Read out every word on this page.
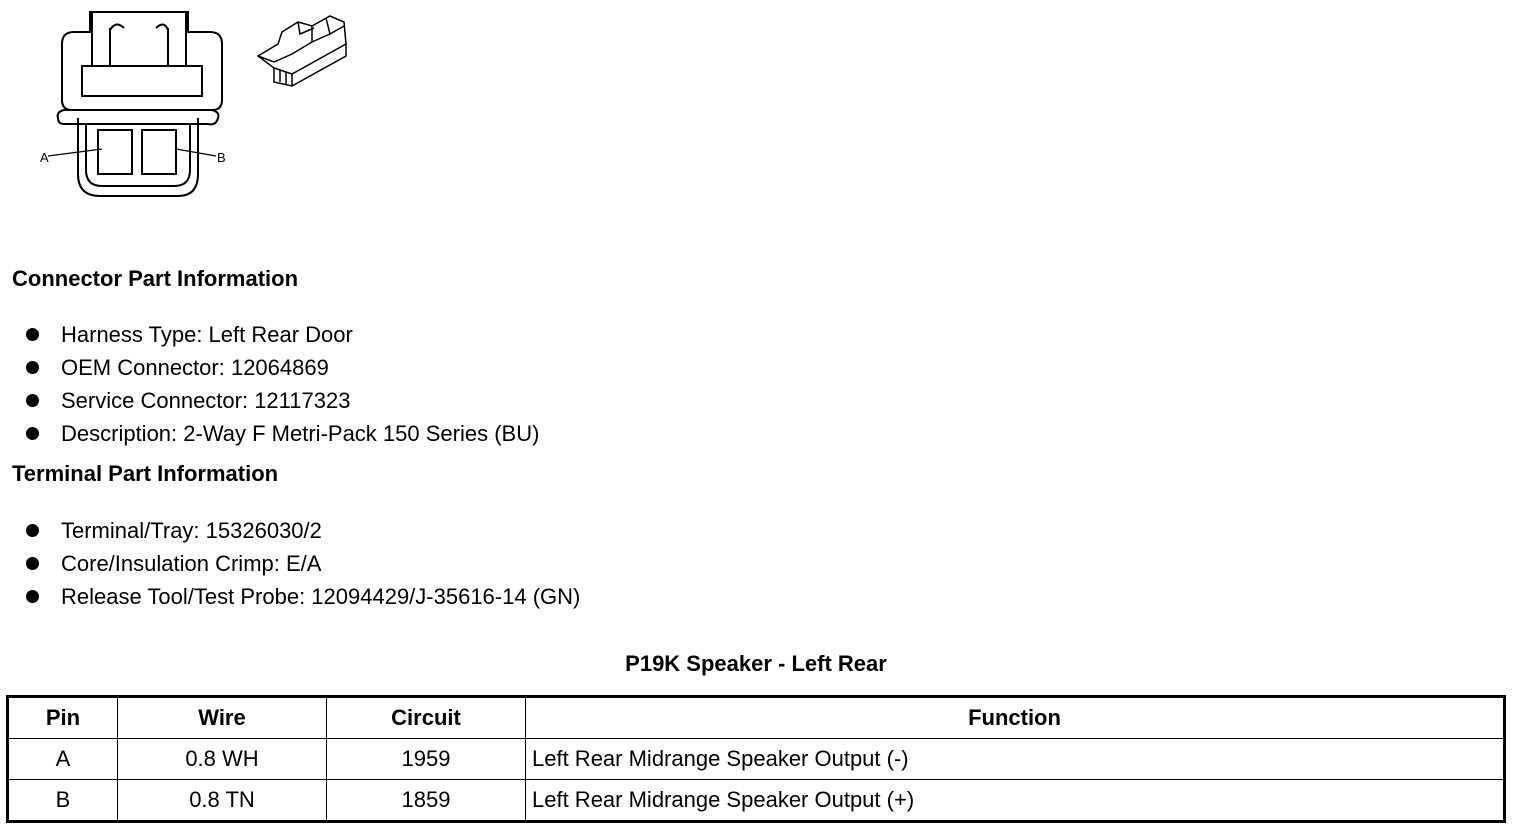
A	B
Connector Part Information
Harness Type: Left Rear Door
OEM Connector: 12064869
Service Connector: 12117323
Description: 2-Way F Metri-Pack 150 Series (BU)
Terminal Part Information
Terminal/Tray: 15326030/2
Core/Insulation Crimp: E/A
Release Tool/Test Probe: 12094429/J-35616-14 (GN)
P19K Speaker - Left Rear
Pin	Wire	Circuit	Function
A	0.8 WH	1959	Left Rear Midrange Speaker Output (-)
B	0.8 TN	1859	Left Rear Midrange Speaker Output (+)
